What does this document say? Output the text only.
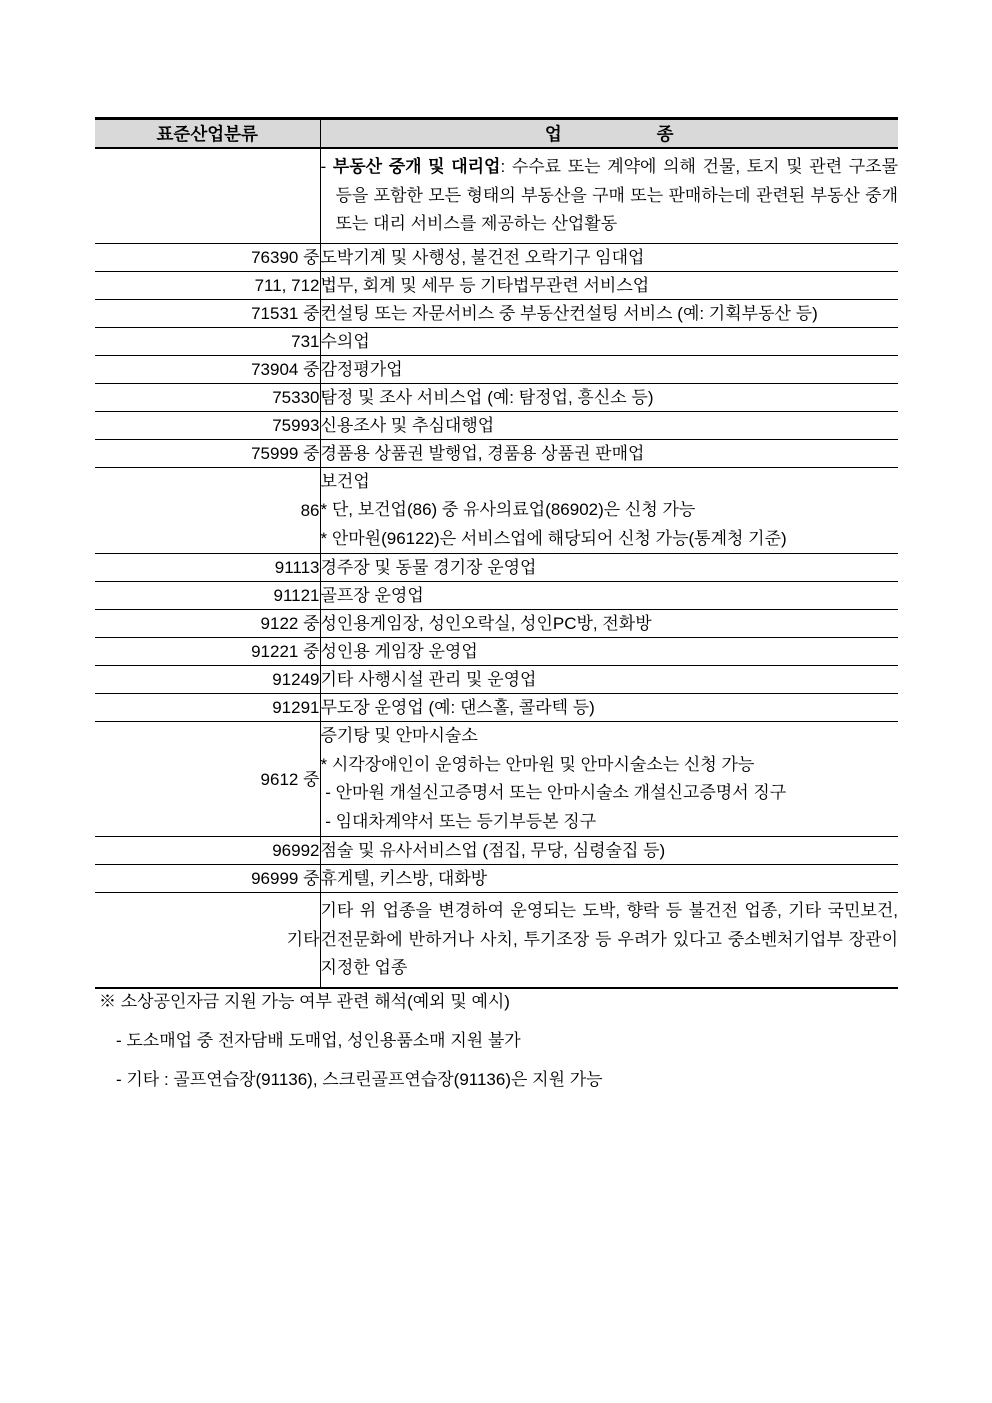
표준산업분류	업 종

	- 부동산 중개 및 대리업: 수수료 또는 계약에 의해 건물, 토지 및 관련 구조물 등을 포함한 모든 형태의 부동산을 구매 또는 판매하는데 관련된 부동산 중개 또는 대리 서비스를 제공하는 산업활동

76390 중	도박기계 및 사행성, 불건전 오락기구 임대업
711, 712	법무, 회계 및 세무 등 기타법무관련 서비스업
71531 중	컨설팅 또는 자문서비스 중 부동산컨설팅 서비스 (예: 기획부동산 등)
731	수의업
73904 중	감정평가업
75330	탐정 및 조사 서비스업 (예: 탐정업, 흥신소 등)
75993	신용조사 및 추심대행업
75999 중	경품용 상품권 발행업, 경품용 상품권 판매업
86	보건업
* 단, 보건업(86) 중 유사의료업(86902)은 신청 가능
* 안마원(96122)은 서비스업에 해당되어 신청 가능(통계청 기준)

91113	경주장 및 동물 경기장 운영업
91121	골프장 운영업
9122 중	성인용게임장, 성인오락실, 성인PC방, 전화방
91221 중	성인용 게임장 운영업
91249	기타 사행시설 관리 및 운영업
91291	무도장 운영업 (예: 댄스홀, 콜라텍 등)
9612 중	증기탕 및 안마시술소
* 시각장애인이 운영하는 안마원 및 안마시술소는 신청 가능
- 안마원 개설신고증명서 또는 안마시술소 개설신고증명서 징구
- 임대차계약서 또는 등기부등본 징구

96992	점술 및 유사서비스업 (점집, 무당, 심령술집 등)
96999 중	휴게텔, 키스방, 대화방
기타	기타 위 업종을 변경하여 운영되는 도박, 향락 등 불건전 업종, 기타 국민보건, 건전문화에 반하거나 사치, 투기조장 등 우려가 있다고 중소벤처기업부 장관이 지정한 업종
※ 소상공인자금 지원 가능 여부 관련 해석(예외 및 예시)
- 도소매업 중 전자담배 도매업, 성인용품소매 지원 불가
- 기타 : 골프연습장(91136), 스크린골프연습장(91136)은 지원 가능
